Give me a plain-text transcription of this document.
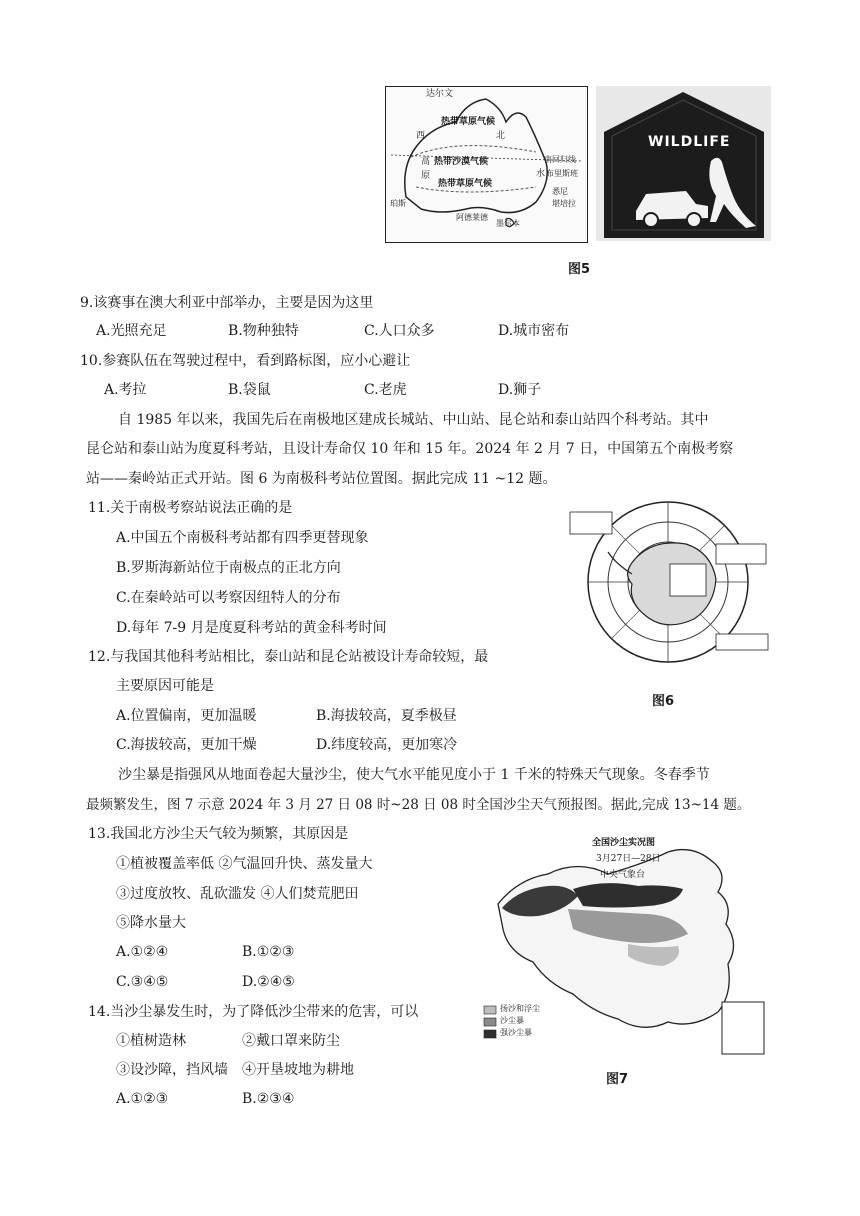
达尔文
热带草原气候
西	北
热带沙漠气候
高	南回归线
原
热带草原气候
水 布里斯班
珀斯
阿德莱德
悉尼
墨尔本
堪培拉
WILDLIFE
图5
9.该赛事在澳大利亚中部举办，主要是因为这里
A.光照充足	B.物种独特	C.人口众多	D.城市密布
10.参赛队伍在驾驶过程中，看到路标图，应小心避让
A.考拉	B.袋鼠	C.老虎	D.狮子
自 1985 年以来，我国先后在南极地区建成长城站、中山站、昆仑站和泰山站四个科考站。其中
昆仑站和泰山站为度夏科考站，且设计寿命仅 10 年和 15 年。2024 年 2 月 7 日，中国第五个南极考察
站——秦岭站正式开站。图 6 为南极科考站位置图。据此完成 11 ~12 题。
11.关于南极考察站说法正确的是
A.中国五个南极科考站都有四季更替现象
B.罗斯海新站位于南极点的正北方向
C.在秦岭站可以考察因纽特人的分布
D.每年 7-9 月是度夏科考站的黄金科考时间
图6
12.与我国其他科考站相比，泰山站和昆仑站被设计寿命较短，最
主要原因可能是
A.位置偏南，更加温暖	B.海拔较高，夏季极昼
C.海拔较高，更加干燥	D.纬度较高，更加寒冷
沙尘暴是指强风从地面卷起大量沙尘，使大气水平能见度小于 1 千米的特殊天气现象。冬春季节
最频繁发生，图 7 示意 2024 年 3 月 27 日 08 时~28 日 08 时全国沙尘天气预报图。据此,完成 13~14 题。
13.我国北方沙尘天气较为频繁，其原因是
①植被覆盖率低 ②气温回升快、蒸发量大
③过度放牧、乱砍滥发 ④人们焚荒肥田
⑤降水量大
A.①②④	B.①②③
C.③④⑤	D.②④⑤
14.当沙尘暴发生时，为了降低沙尘带来的危害，可以
①植树造林	②戴口罩来防尘
③设沙障，挡风墙 ④开垦坡地为耕地
A.①②③	B.②③④
全国沙尘实况图
3月27日—28日
中央气象台
扬沙和浮尘
沙尘暴
强沙尘暴
图7
